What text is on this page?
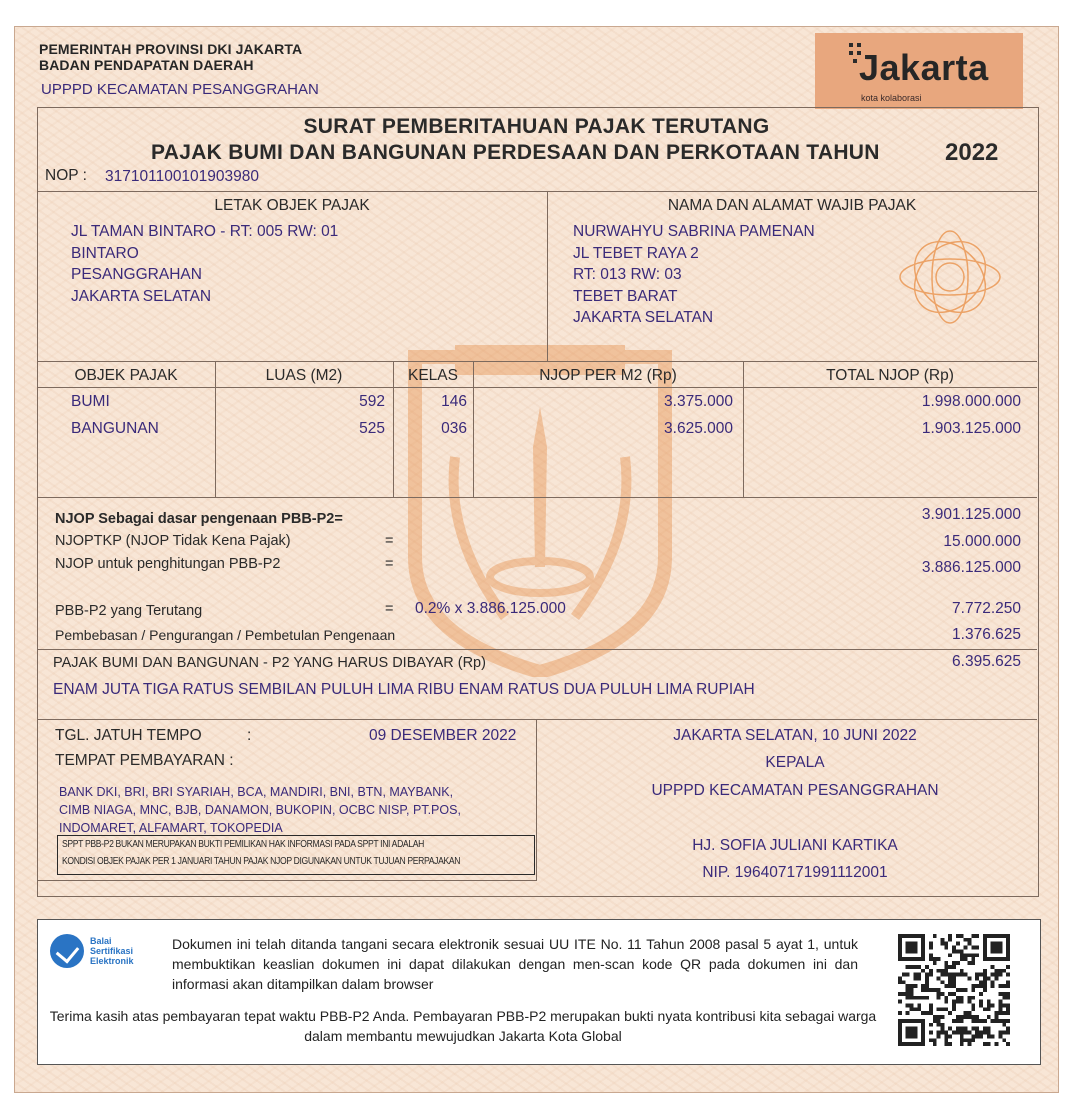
PEMERINTAH PROVINSI DKI JAKARTA
BADAN PENDAPATAN DAERAH
UPPPD KECAMATAN PESANGGRAHAN
Jakarta
kota kolaborasi
SURAT PEMBERITAHUAN PAJAK TERUTANG
PAJAK BUMI DAN BANGUNAN PERDESAAN DAN PERKOTAAN TAHUN	2022
NOP : 317101100101903980
LETAK OBJEK PAJAK
JL TAMAN BINTARO - RT: 005 RW: 01
BINTARO
PESANGGRAHAN
JAKARTA SELATAN
NAMA DAN ALAMAT WAJIB PAJAK
NURWAHYU SABRINA PAMENAN
JL TEBET RAYA 2
RT: 013 RW: 03
TEBET BARAT
JAKARTA SELATAN
OBJEK PAJAK	LUAS (M2)	KELAS	NJOP PER M2 (Rp)	TOTAL NJOP (Rp)
BUMI	592	146	3.375.000	1.998.000.000
BANGUNAN	525	036	3.625.000	1.903.125.000
NJOP Sebagai dasar pengenaan PBB-P2=	3.901.125.000
NJOPTKP (NJOP Tidak Kena Pajak)	=	15.000.000
NJOP untuk penghitungan PBB-P2	=	3.886.125.000
PBB-P2 yang Terutang	= 0.2% x 3.886.125.000	7.772.250
Pembebasan / Pengurangan / Pembetulan Pengenaan	1.376.625
PAJAK BUMI DAN BANGUNAN - P2 YANG HARUS DIBAYAR (Rp)	6.395.625
ENAM JUTA TIGA RATUS SEMBILAN PULUH LIMA RIBU ENAM RATUS DUA PULUH LIMA RUPIAH
TGL. JATUH TEMPO	:	09 DESEMBER 2022
TEMPAT PEMBAYARAN :
BANK DKI, BRI, BRI SYARIAH, BCA, MANDIRI, BNI, BTN, MAYBANK,
CIMB NIAGA, MNC, BJB, DANAMON, BUKOPIN, OCBC NISP, PT.POS,
INDOMARET, ALFAMART, TOKOPEDIA
SPPT PBB-P2 BUKAN MERUPAKAN BUKTI PEMILIKAN HAK INFORMASI PADA SPPT INI ADALAH
KONDISI OBJEK PAJAK PER 1 JANUARI TAHUN PAJAK NJOP DIGUNAKAN UNTUK TUJUAN PERPAJAKAN
JAKARTA SELATAN, 10 JUNI 2022
KEPALA
UPPPD KECAMATAN PESANGGRAHAN
HJ. SOFIA JULIANI KARTIKA
NIP. 196407171991112001
Balai
Sertifikasi
Elektronik
Dokumen ini telah ditanda tangani secara elektronik sesuai UU ITE No. 11 Tahun 2008 pasal 5 ayat 1, untuk membuktikan keaslian dokumen ini dapat dilakukan dengan men-scan kode QR pada dokumen ini dan informasi akan ditampilkan dalam browser
Terima kasih atas pembayaran tepat waktu PBB-P2 Anda. Pembayaran PBB-P2 merupakan bukti nyata kontribusi kita sebagai warga dalam membantu mewujudkan Jakarta Kota Global
